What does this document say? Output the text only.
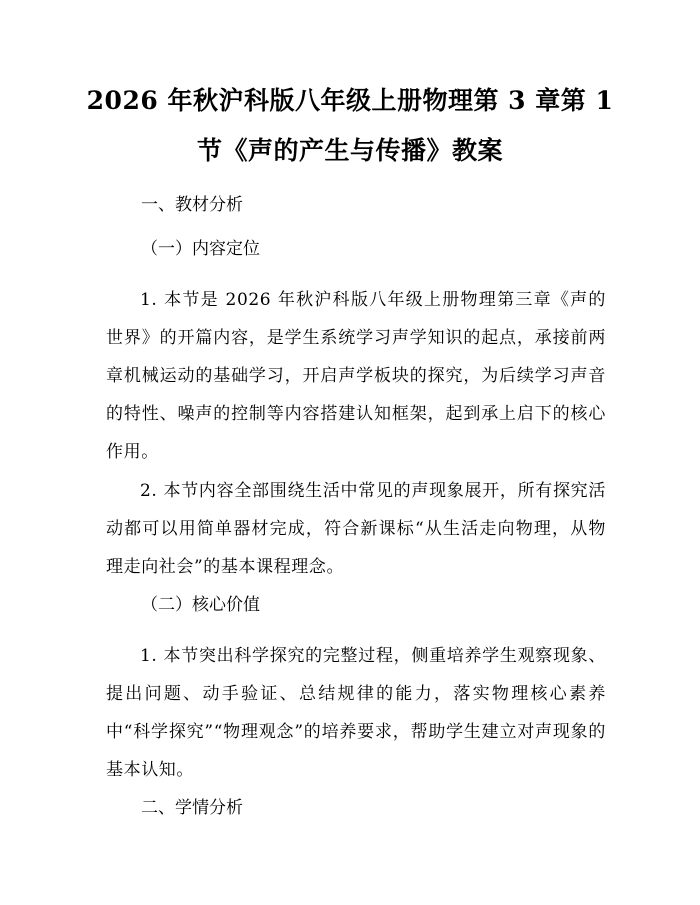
2026 年秋沪科版八年级上册物理第 3 章第 1
节《声的产生与传播》教案
一、教材分析
（一）内容定位
1. 本节是 2026 年秋沪科版八年级上册物理第三章《声的世界》的开篇内容，是学生系统学习声学知识的起点，承接前两章机械运动的基础学习，开启声学板块的探究，为后续学习声音的特性、噪声的控制等内容搭建认知框架，起到承上启下的核心作用。
2. 本节内容全部围绕生活中常见的声现象展开，所有探究活动都可以用简单器材完成，符合新课标“从生活走向物理，从物理走向社会”的基本课程理念。
（二）核心价值
1. 本节突出科学探究的完整过程，侧重培养学生观察现象、提出问题、动手验证、总结规律的能力，落实物理核心素养中“科学探究”“物理观念”的培养要求，帮助学生建立对声现象的基本认知。
二、学情分析
